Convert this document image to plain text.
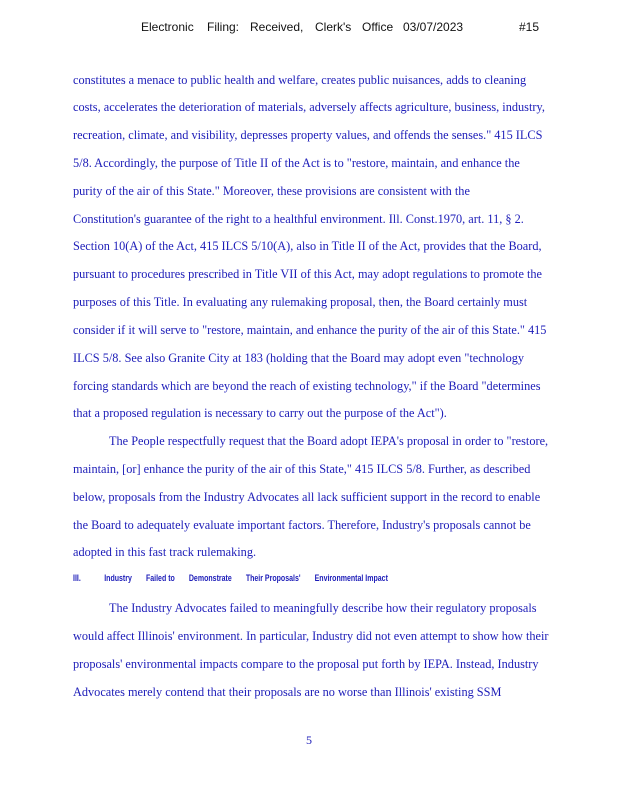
Electronic Filing: Received, Clerk's Office 03/07/2023	#15
constitutes a menace to public health and welfare, creates public nuisances, adds to cleaning
costs, accelerates the deterioration of materials, adversely affects agriculture, business, industry,
recreation, climate, and visibility, depresses property values, and offends the senses." 415 ILCS
5/8. Accordingly, the purpose of Title II of the Act is to "restore, maintain, and enhance the
purity of the air of this State." Moreover, these provisions are consistent with the
Constitution's guarantee of the right to a healthful environment. Ill. Const.1970, art. 11, § 2.
Section 10(A) of the Act, 415 ILCS 5/10(A), also in Title II of the Act, provides that the Board,
pursuant to procedures prescribed in Title VII of this Act, may adopt regulations to promote the
purposes of this Title. In evaluating any rulemaking proposal, then, the Board certainly must
consider if it will serve to "restore, maintain, and enhance the purity of the air of this State." 415
ILCS 5/8. See also Granite City at 183 (holding that the Board may adopt even "technology
forcing standards which are beyond the reach of existing technology," if the Board "determines
that a proposed regulation is necessary to carry out the purpose of the Act").
The People respectfully request that the Board adopt IEPA's proposal in order to "restore,
maintain, [or] enhance the purity of the air of this State," 415 ILCS 5/8. Further, as described
below, proposals from the Industry Advocates all lack sufficient support in the record to enable
the Board to adequately evaluate important factors. Therefore, Industry's proposals cannot be
adopted in this fast track rulemaking.
III.	Industry Failed to Demonstrate Their Proposals' Environmental Impact
The Industry Advocates failed to meaningfully describe how their regulatory proposals
would affect Illinois' environment. In particular, Industry did not even attempt to show how their
proposals' environmental impacts compare to the proposal put forth by IEPA. Instead, Industry
Advocates merely contend that their proposals are no worse than Illinois' existing SSM
5
